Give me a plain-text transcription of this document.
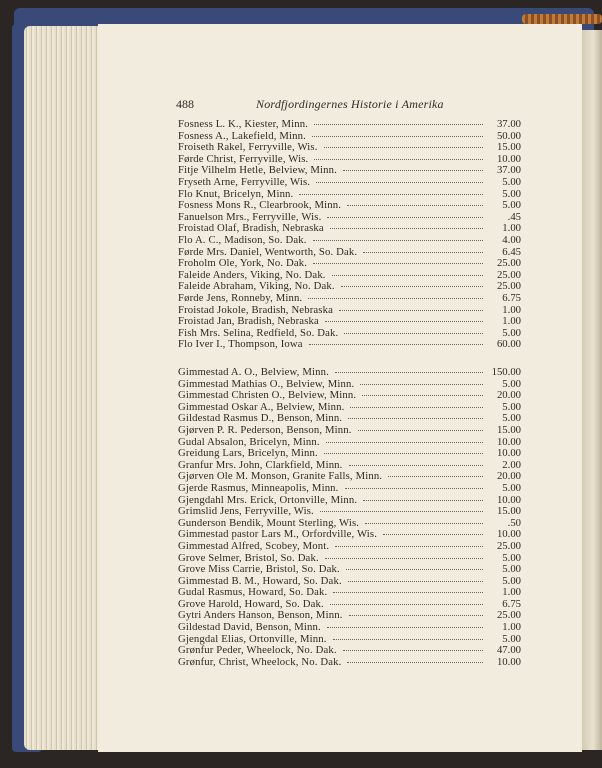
488	Nordfjordingernes Historie i Amerika
Fosness L. K., Kiester, Minn.	37.00
Fosness A., Lakefield, Minn.	50.00
Froiseth Rakel, Ferryville, Wis.	15.00
Førde Christ, Ferryville, Wis.	10.00
Fitje Vilhelm Hetle, Belview, Minn.	37.00
Fryseth Arne, Ferryville, Wis.	5.00
Flo Knut, Bricelyn, Minn.	5.00
Fosness Mons R., Clearbrook, Minn.	5.00
Fanuelson Mrs., Ferryville, Wis.	.45
Froistad Olaf, Bradish, Nebraska	1.00
Flo A. C., Madison, So. Dak.	4.00
Førde Mrs. Daniel, Wentworth, So. Dak.	6.45
Froholm Ole, York, No. Dak.	25.00
Faleide Anders, Viking, No. Dak.	25.00
Faleide Abraham, Viking, No. Dak.	25.00
Førde Jens, Ronneby, Minn.	6.75
Froistad Jokole, Bradish, Nebraska	1.00
Froistad Jan, Bradish, Nebraska	1.00
Fish Mrs. Selina, Redfield, So. Dak.	5.00
Flo Iver I., Thompson, Iowa	60.00
Gimmestad A. O., Belview, Minn.	150.00
Gimmestad Mathias O., Belview, Minn.	5.00
Gimmestad Christen O., Belview, Minn.	20.00
Gimmestad Oskar A., Belview, Minn.	5.00
Gildestad Rasmus D., Benson, Minn.	5.00
Gjørven P. R. Pederson, Benson, Minn.	15.00
Gudal Absalon, Bricelyn, Minn.	10.00
Greidung Lars, Bricelyn, Minn.	10.00
Granfur Mrs. John, Clarkfield, Minn.	2.00
Gjørven Ole M. Monson, Granite Falls, Minn.	20.00
Gjerde Rasmus, Minneapolis, Minn.	5.00
Gjengdahl Mrs. Erick, Ortonville, Minn.	10.00
Grimslid Jens, Ferryville, Wis.	15.00
Gunderson Bendik, Mount Sterling, Wis.	.50
Gimmestad pastor Lars M., Orfordville, Wis.	10.00
Gimmestad Alfred, Scobey, Mont.	25.00
Grove Selmer, Bristol, So. Dak.	5.00
Grove Miss Carrie, Bristol, So. Dak.	5.00
Gimmestad B. M., Howard, So. Dak.	5.00
Gudal Rasmus, Howard, So. Dak.	1.00
Grove Harold, Howard, So. Dak.	6.75
Gytri Anders Hanson, Benson, Minn.	25.00
Gildestad David, Benson, Minn.	1.00
Gjengdal Elias, Ortonville, Minn.	5.00
Grønfur Peder, Wheelock, No. Dak.	47.00
Grønfur, Christ, Wheelock, No. Dak.	10.00
